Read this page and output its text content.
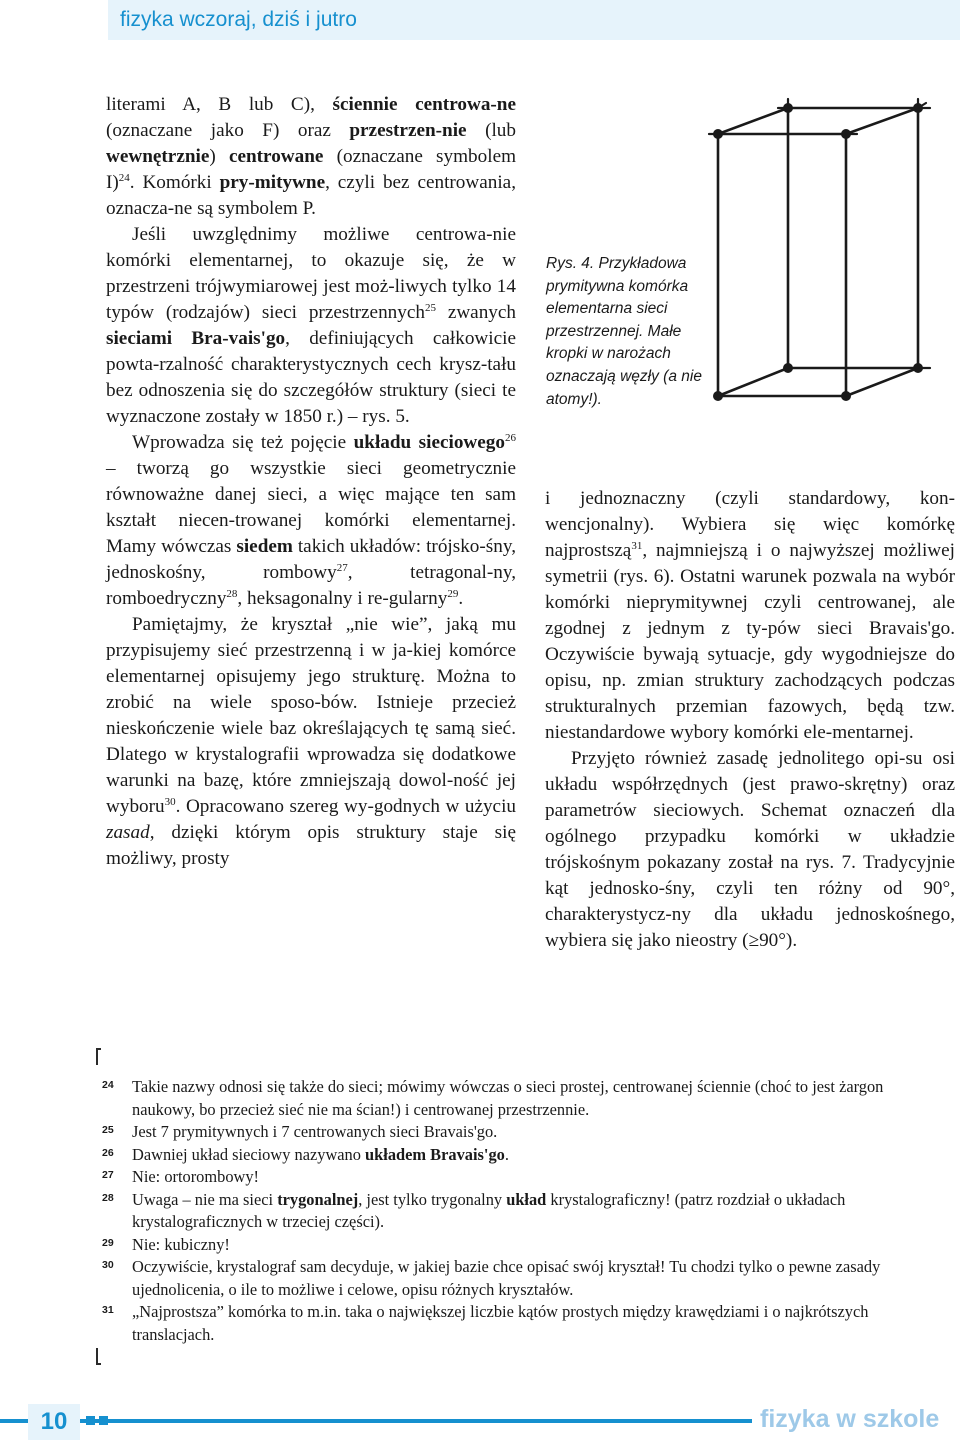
fizyka wczoraj, dziś i jutro

literami A, B lub C), ściennie centrowa-ne (oznaczane jako F) oraz przestrzen-nie (lub wewnętrznie) centrowane (oznaczane symbolem I)$^{24}$. Komórki pry-mitywne, czyli bez centrowania, oznacza-ne są symbolem P.

Jeśli uwzględnimy możliwe centrowa-nie komórki elementarnej, to okazuje się, że w przestrzeni trójwymiarowej jest moż-liwych tylko 14 typów (rodzajów) sieci przestrzennych$^{25}$ zwanych sieciami Bra-vais'go, definiujących całkowicie powta-rzalność charakterystycznych cech krysz-tału bez odnoszenia się do szczegółów struktury (sieci te wyznaczone zostały w 1850 r.) – rys. 5.

Wprowadza się też pojęcie układu sieciowego$^{26}$ – tworzą go wszystkie sieci geometrycznie równoważne danej sieci, a więc mające ten sam kształt niecen-trowanej komórki elementarnej. Mamy wówczas siedem takich układów: trójsko-śny, jednoskośny, rombowy$^{27}$, tetragonal-ny, romboedryczny$^{28}$, heksagonalny i re-gularny$^{29}$.

Pamiętajmy, że kryształ „nie wie”, jaką mu przypisujemy sieć przestrzenną i w ja-kiej komórce elementarnej opisujemy jego strukturę. Można to zrobić na wiele sposo-bów. Istnieje przecież nieskończenie wiele baz określających tę samą sieć. Dlatego w krystalografii wprowadza się dodatkowe warunki na bazę, które zmniejszają dowol-ność jej wyboru$^{30}$. Opracowano szereg wy-godnych w użyciu zasad, dzięki którym opis struktury staje się możliwy, prosty

Rys. 4. Przykładowa prymitywna komórka elementarna sieci przestrzennej. Małe kropki w narożach oznaczają węzły (a nie atomy!).

i jednoznaczny (czyli standardowy, kon-wencjonalny). Wybiera się więc komórkę najprostszą$^{31}$, najmniejszą i o najwyższej możliwej symetrii (rys. 6). Ostatni warunek pozwala na wybór komórki nieprymitywnej czyli centrowanej, ale zgodnej z jednym z ty-pów sieci Bravais'go. Oczywiście bywają sytuacje, gdy wygodniejsze do opisu, np. zmian struktury zachodzących podczas strukturalnych przemian fazowych, będą tzw. niestandardowe wybory komórki ele-mentarnej.

Przyjęto również zasadę jednolitego opi-su osi układu współrzędnych (jest prawo-skrętny) oraz parametrów sieciowych. Schemat oznaczeń dla ogólnego przypadku komórki w układzie trójskośnym pokazany został na rys. 7. Tradycyjnie kąt jednosko-śny, czyli ten różny od 90°, charakterystycz-ny dla układu jednoskośnego, wybiera się jako nieostry (≥90°).

24 Takie nazwy odnosi się także do sieci; mówimy wówczas o sieci prostej, centrowanej ściennie (choć to jest żargon naukowy, bo przecież sieć nie ma ścian!) i centrowanej przestrzennie.

25 Jest 7 prymitywnych i 7 centrowanych sieci Bravais'go.

26 Dawniej układ sieciowy nazywano układem Bravais'go.

27 Nie: ortorombowy!

28 Uwaga – nie ma sieci trygonalnej, jest tylko trygonalny układ krystalograficzny! (patrz rozdział o układach krystalograficznych w trzeciej części).

29 Nie: kubiczny!

30 Oczywiście, krystalograf sam decyduje, w jakiej bazie chce opisać swój kryształ! Tu chodzi tylko o pewne zasady ujednolicenia, o ile to możliwe i celowe, opisu różnych kryształów.

31 „Najprostsza” komórka to m.in. taka o największej liczbie kątów prostych między krawędziami i o najkrótszych translacjach.

10	fizyka w szkole
